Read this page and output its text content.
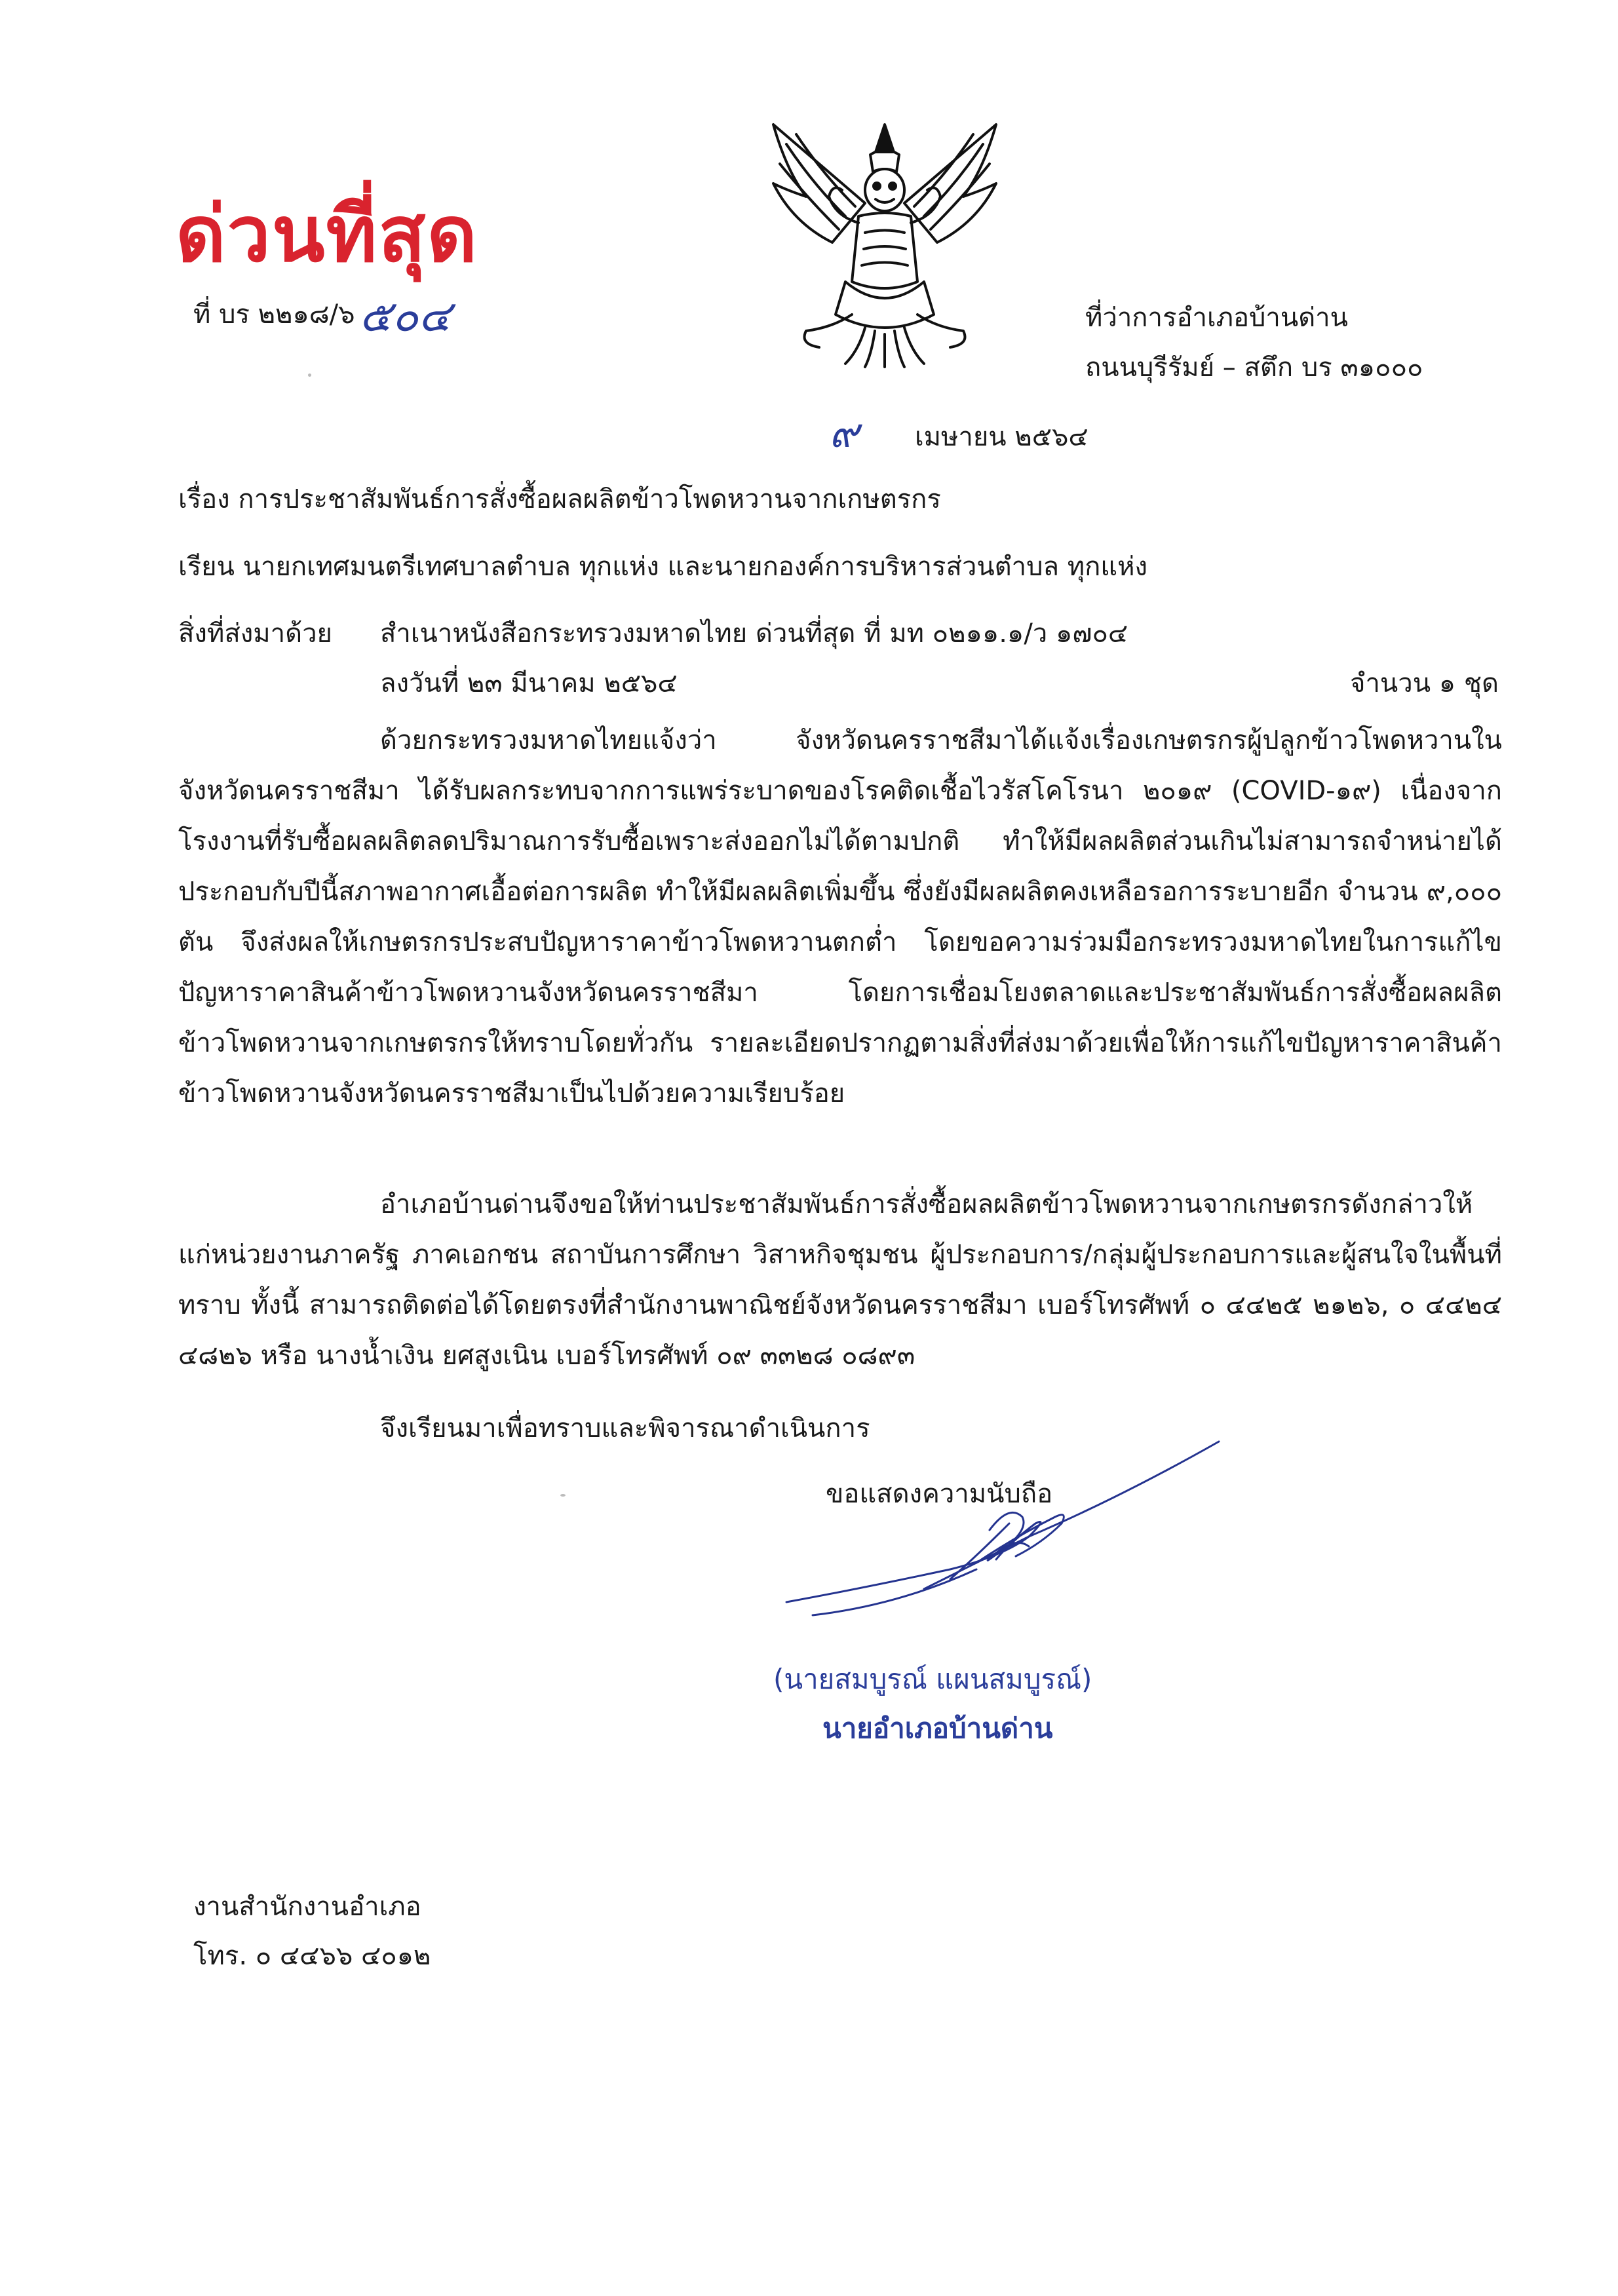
ด่วนที่สุด
ที่ บร ๒๒๑๘/๖ ๕๐๔	ที่ว่าการอำเภอบ้านด่าน
ถนนบุรีรัมย์ – สตึก บร ๓๑๐๐๐
๙ เมษายน ๒๕๖๔
เรื่อง การประชาสัมพันธ์การสั่งซื้อผลผลิตข้าวโพดหวานจากเกษตรกร
เรียน นายกเทศมนตรีเทศบาลตำบล ทุกแห่ง และนายกองค์การบริหารส่วนตำบล ทุกแห่ง
สิ่งที่ส่งมาด้วย สำเนาหนังสือกระทรวงมหาดไทย ด่วนที่สุด ที่ มท ๐๒๑๑.๑/ว ๑๗๐๔
ลงวันที่ ๒๓ มีนาคม ๒๕๖๔	จำนวน ๑ ชุด

ด้วยกระทรวงมหาดไทยแจ้งว่า จังหวัดนครราชสีมาได้แจ้งเรื่องเกษตรกรผู้ปลูกข้าวโพดหวานในจังหวัดนครราชสีมา ได้รับผลกระทบจากการแพร่ระบาดของโรคติดเชื้อไวรัสโคโรนา ๒๐๑๙ (COVID-๑๙) เนื่องจากโรงงานที่รับซื้อผลผลิตลดปริมาณการรับซื้อเพราะส่งออกไม่ได้ตามปกติ ทำให้มีผลผลิตส่วนเกินไม่สามารถจำหน่ายได้ ประกอบกับปีนี้สภาพอากาศเอื้อต่อการผลิต ทำให้มีผลผลิตเพิ่มขึ้น ซึ่งยังมีผลผลิตคงเหลือรอการระบายอีก จำนวน ๙,๐๐๐ ตัน จึงส่งผลให้เกษตรกรประสบปัญหาราคาข้าวโพดหวานตกต่ำ โดยขอความร่วมมือกระทรวงมหาดไทยในการแก้ไขปัญหาราคาสินค้าข้าวโพดหวานจังหวัดนครราชสีมา โดยการเชื่อมโยงตลาดและประชาสัมพันธ์การสั่งซื้อผลผลิตข้าวโพดหวานจากเกษตรกรให้ทราบโดยทั่วกัน รายละเอียดปรากฏตามสิ่งที่ส่งมาด้วยเพื่อให้การแก้ไขปัญหาราคาสินค้าข้าวโพดหวานจังหวัดนครราชสีมาเป็นไปด้วยความเรียบร้อย

อำเภอบ้านด่านจึงขอให้ท่านประชาสัมพันธ์การสั่งซื้อผลผลิตข้าวโพดหวานจากเกษตรกรดังกล่าวให้แก่หน่วยงานภาครัฐ ภาคเอกชน สถาบันการศึกษา วิสาหกิจชุมชน ผู้ประกอบการ/กลุ่มผู้ประกอบการและผู้สนใจในพื้นที่ทราบ ทั้งนี้ สามารถติดต่อได้โดยตรงที่สำนักงานพาณิชย์จังหวัดนครราชสีมา เบอร์โทรศัพท์ ๐ ๔๔๒๕ ๒๑๒๖, ๐ ๔๔๒๔ ๔๘๒๖ หรือ นางน้ำเงิน ยศสูงเนิน เบอร์โทรศัพท์ ๐๙ ๓๓๒๘ ๐๘๙๓

จึงเรียนมาเพื่อทราบและพิจารณาดำเนินการ
ขอแสดงความนับถือ
(นายสมบูรณ์ แผนสมบูรณ์)
นายอำเภอบ้านด่าน
งานสำนักงานอำเภอ
โทร. ๐ ๔๔๖๖ ๔๐๑๒
